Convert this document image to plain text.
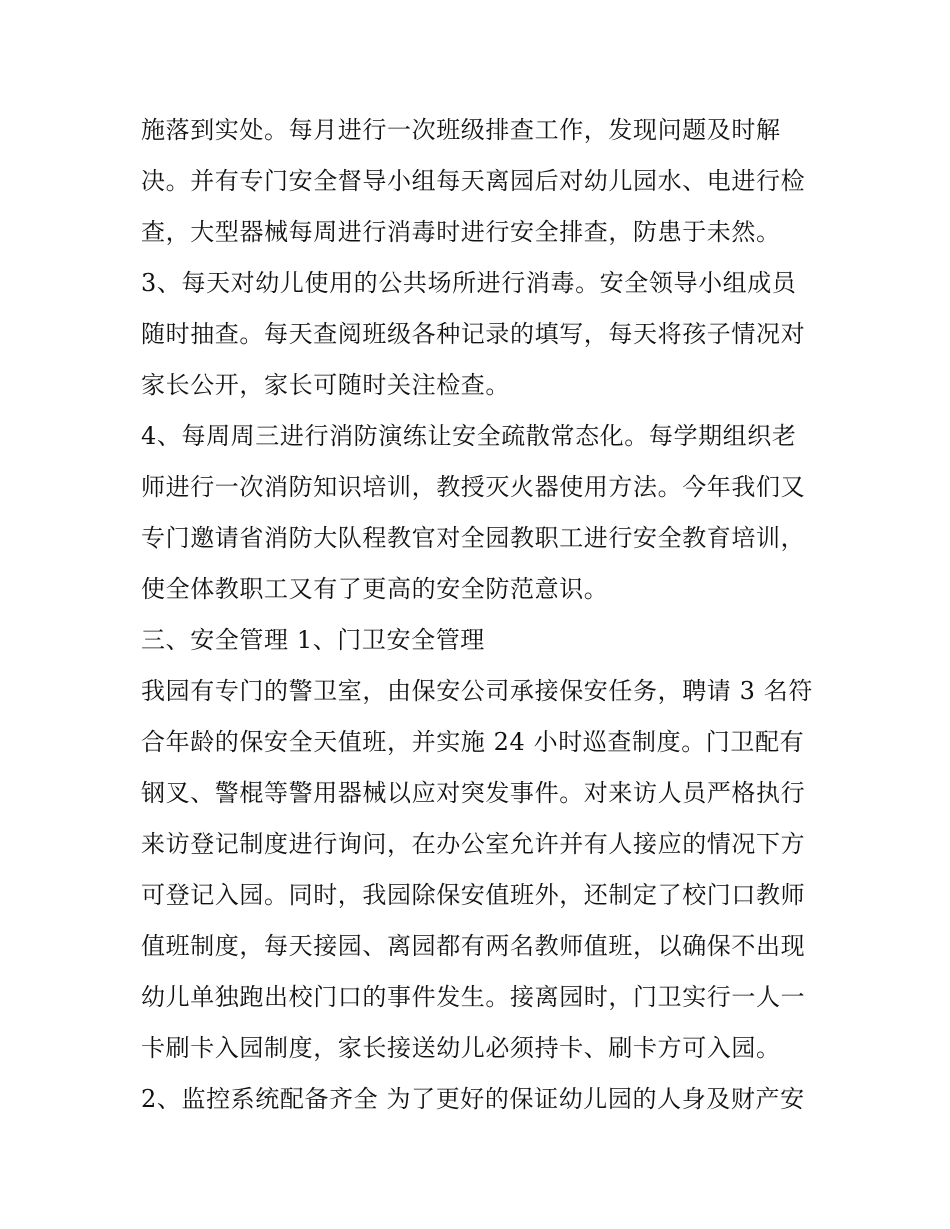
施落到实处。每月进行一次班级排查工作，发现问题及时解

决。并有专门安全督导小组每天离园后对幼儿园水、电进行检

查，大型器械每周进行消毒时进行安全排查，防患于未然。

3、每天对幼儿使用的公共场所进行消毒。安全领导小组成员

随时抽查。每天查阅班级各种记录的填写，每天将孩子情况对

家长公开，家长可随时关注检查。

4、每周周三进行消防演练让安全疏散常态化。每学期组织老

师进行一次消防知识培训，教授灭火器使用方法。今年我们又

专门邀请省消防大队程教官对全园教职工进行安全教育培训，

使全体教职工又有了更高的安全防范意识。

三、安全管理 1、门卫安全管理

我园有专门的警卫室，由保安公司承接保安任务，聘请 3 名符

合年龄的保安全天值班，并实施 24 小时巡查制度。门卫配有

钢叉、警棍等警用器械以应对突发事件。对来访人员严格执行

来访登记制度进行询问，在办公室允许并有人接应的情况下方

可登记入园。同时，我园除保安值班外，还制定了校门口教师

值班制度，每天接园、离园都有两名教师值班，以确保不出现

幼儿单独跑出校门口的事件发生。接离园时，门卫实行一人一

卡刷卡入园制度，家长接送幼儿必须持卡、刷卡方可入园。

2、监控系统配备齐全 为了更好的保证幼儿园的人身及财产安
